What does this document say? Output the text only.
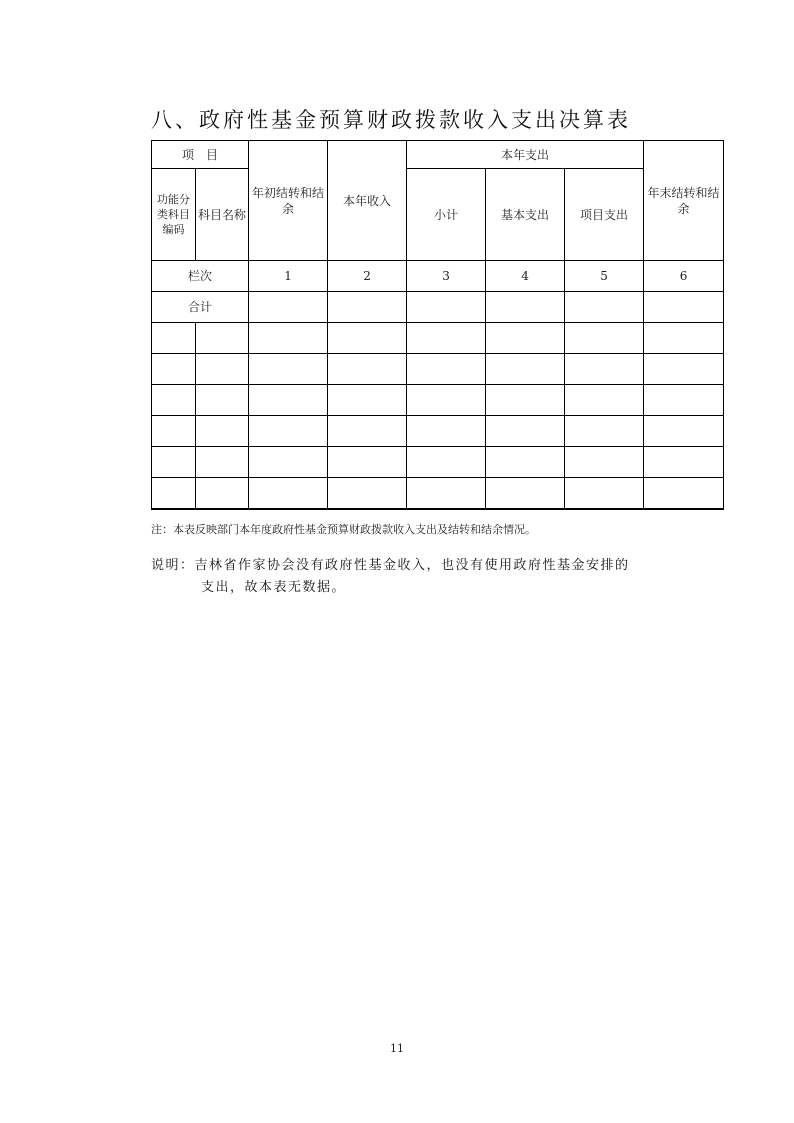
八、政府性基金预算财政拨款收入支出决算表
项　目		年初结转和结余	本年收入	本年支出			年末结转和结余
功能分类科目编码	科目名称			小计	基本支出	项目支出	
栏次		1	2	3	4	5	6
合计							

注：本表反映部门本年度政府性基金预算财政拨款收入支出及结转和结余情况。
说明：吉林省作家协会没有政府性基金收入，也没有使用政府性基金安排的
支出，故本表无数据。
11
